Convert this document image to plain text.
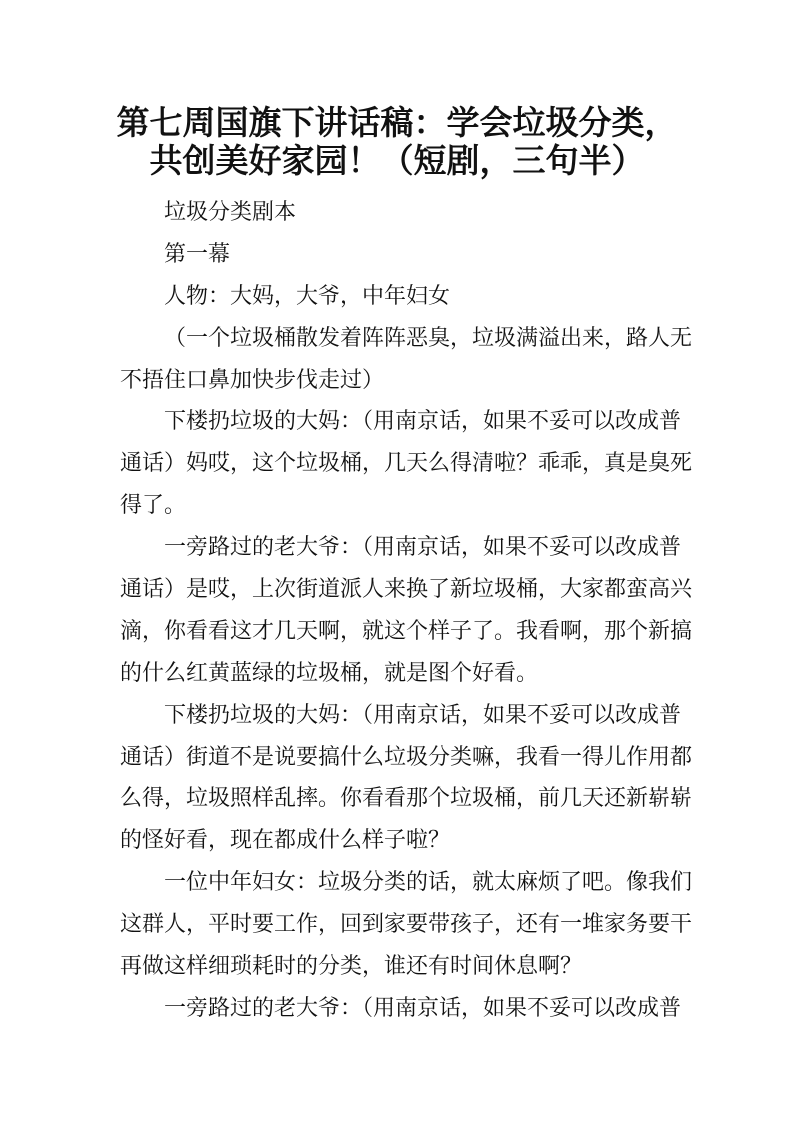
第七周国旗下讲话稿：学会垃圾分类，
共创美好家园！（短剧，三句半）
垃圾分类剧本
第一幕
人物：大妈，大爷，中年妇女
（一个垃圾桶散发着阵阵恶臭，垃圾满溢出来，路人无
不捂住口鼻加快步伐走过）
下楼扔垃圾的大妈：（用南京话，如果不妥可以改成普
通话）妈哎，这个垃圾桶，几天么得清啦？乖乖，真是臭死
得了。
一旁路过的老大爷：（用南京话，如果不妥可以改成普
通话）是哎，上次街道派人来换了新垃圾桶，大家都蛮高兴
滴，你看看这才几天啊，就这个样子了。我看啊，那个新搞
的什么红黄蓝绿的垃圾桶，就是图个好看。
下楼扔垃圾的大妈：（用南京话，如果不妥可以改成普
通话）街道不是说要搞什么垃圾分类嘛，我看一得儿作用都
么得，垃圾照样乱摔。你看看那个垃圾桶，前几天还新崭崭
的怪好看，现在都成什么样子啦？
一位中年妇女：垃圾分类的话，就太麻烦了吧。像我们
这群人，平时要工作，回到家要带孩子，还有一堆家务要干
再做这样细琐耗时的分类，谁还有时间休息啊？
一旁路过的老大爷：（用南京话，如果不妥可以改成普
